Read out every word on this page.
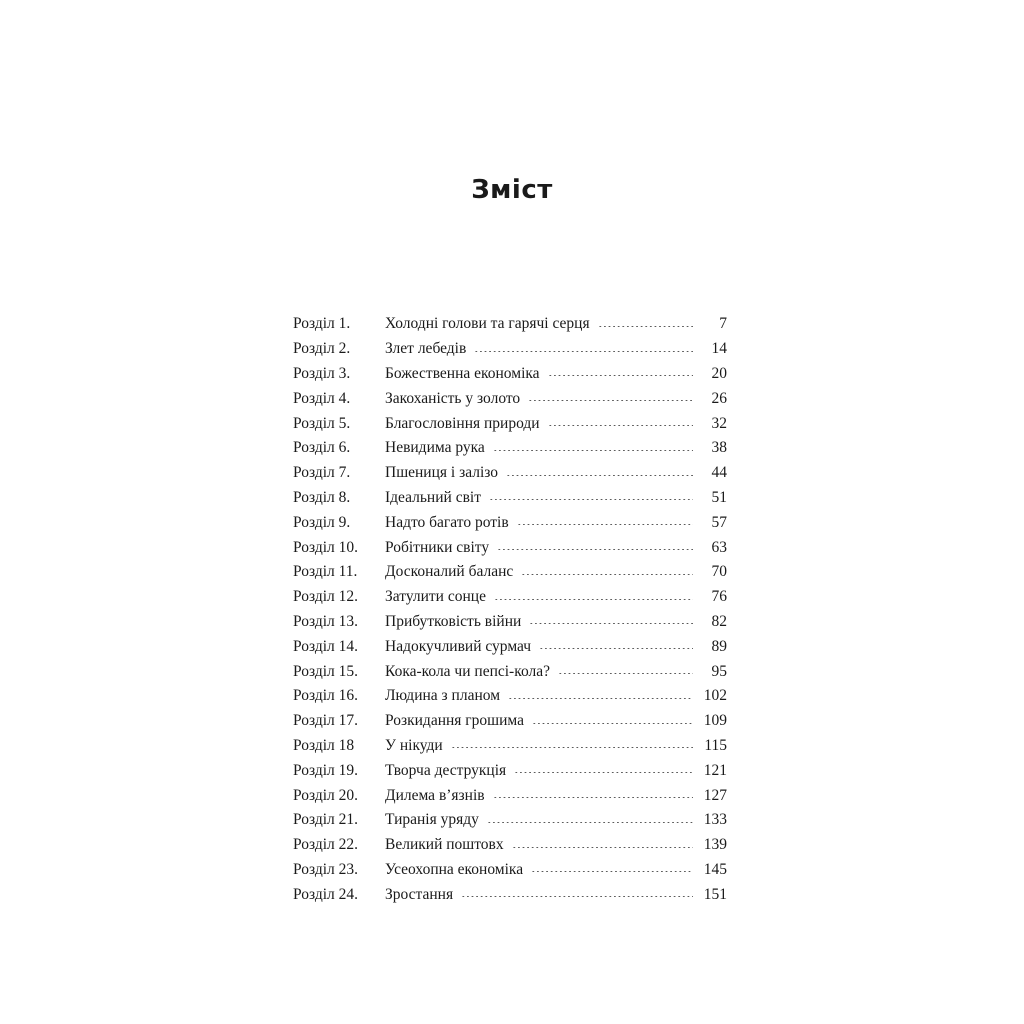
Зміст
Розділ 1.	Холодні голови та гарячі серця	7
Розділ 2.	Злет лебедів	14
Розділ 3.	Божественна економіка	20
Розділ 4.	Закоханість у золото	26
Розділ 5.	Благословіння природи	32
Розділ 6.	Невидима рука	38
Розділ 7.	Пшениця і залізо	44
Розділ 8.	Ідеальний світ	51
Розділ 9.	Надто багато ротів	57
Розділ 10.	Робітники світу	63
Розділ 11.	Досконалий баланс	70
Розділ 12.	Затулити сонце	76
Розділ 13.	Прибутковість війни	82
Розділ 14.	Надокучливий сурмач	89
Розділ 15.	Кока-кола чи пепсі-кола?	95
Розділ 16.	Людина з планом	102
Розділ 17.	Розкидання грошима	109
Розділ 18	У нікуди	115
Розділ 19.	Творча деструкція	121
Розділ 20.	Дилема в’язнів	127
Розділ 21.	Тиранія уряду	133
Розділ 22.	Великий поштовх	139
Розділ 23.	Усеохопна економіка	145
Розділ 24.	Зростання	151
